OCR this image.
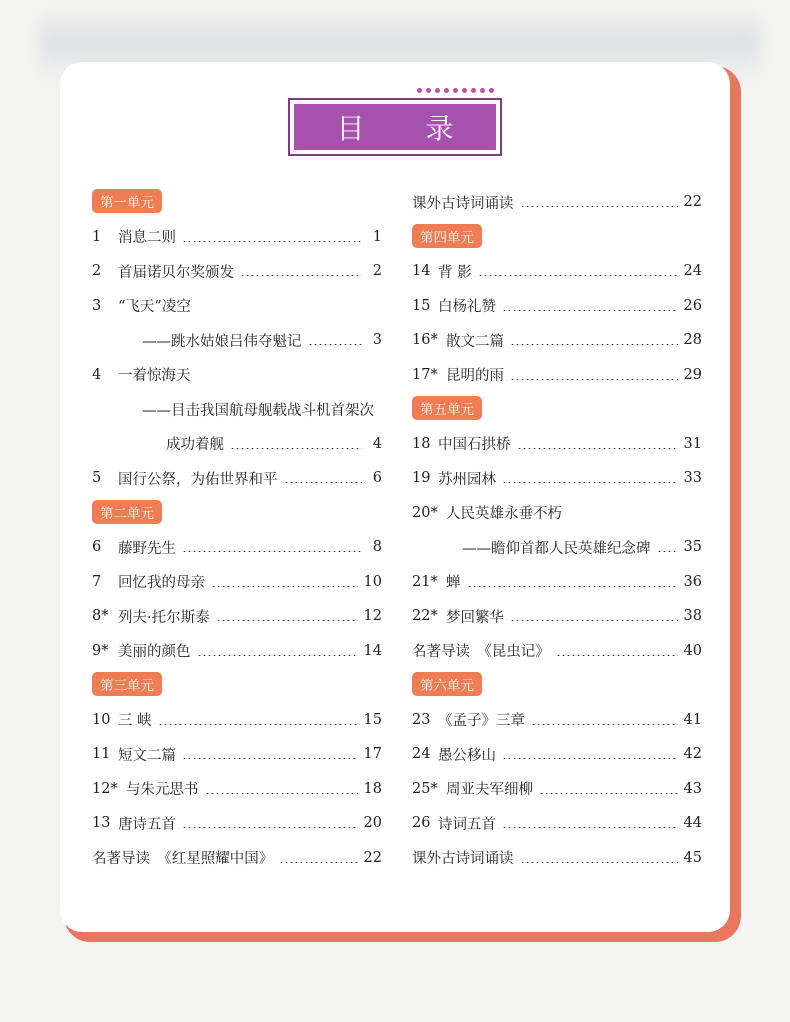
目 录
第一单元
1	消息二则	1
2	首届诺贝尔奖颁发	2
3	“飞天”凌空
——跳水姑娘吕伟夺魁记	3
4	一着惊海天
——目击我国航母舰载战斗机首架次
成功着舰	4
5	国行公祭，为佑世界和平	6
第二单元
6	藤野先生	8
7	回忆我的母亲	10
8* 列夫·托尔斯泰	12
9* 美丽的颜色	14
第三单元
10 三 峡	15
11 短文二篇	17
12* 与朱元思书	18
13 唐诗五首	20
名著导读　《红星照耀中国》	22
课外古诗词诵读	22
第四单元
14 背 影	24
15 白杨礼赞	26
16* 散文二篇	28
17* 昆明的雨	29
第五单元
18 中国石拱桥	31
19 苏州园林	33
20* 人民英雄永垂不朽
——瞻仰首都人民英雄纪念碑 35
21* 蝉	36
22* 梦回繁华	38
名著导读　《昆虫记》	40
第六单元
23 《孟子》三章	41
24 愚公移山	42
25* 周亚夫军细柳	43
26 诗词五首	44
课外古诗词诵读	45
